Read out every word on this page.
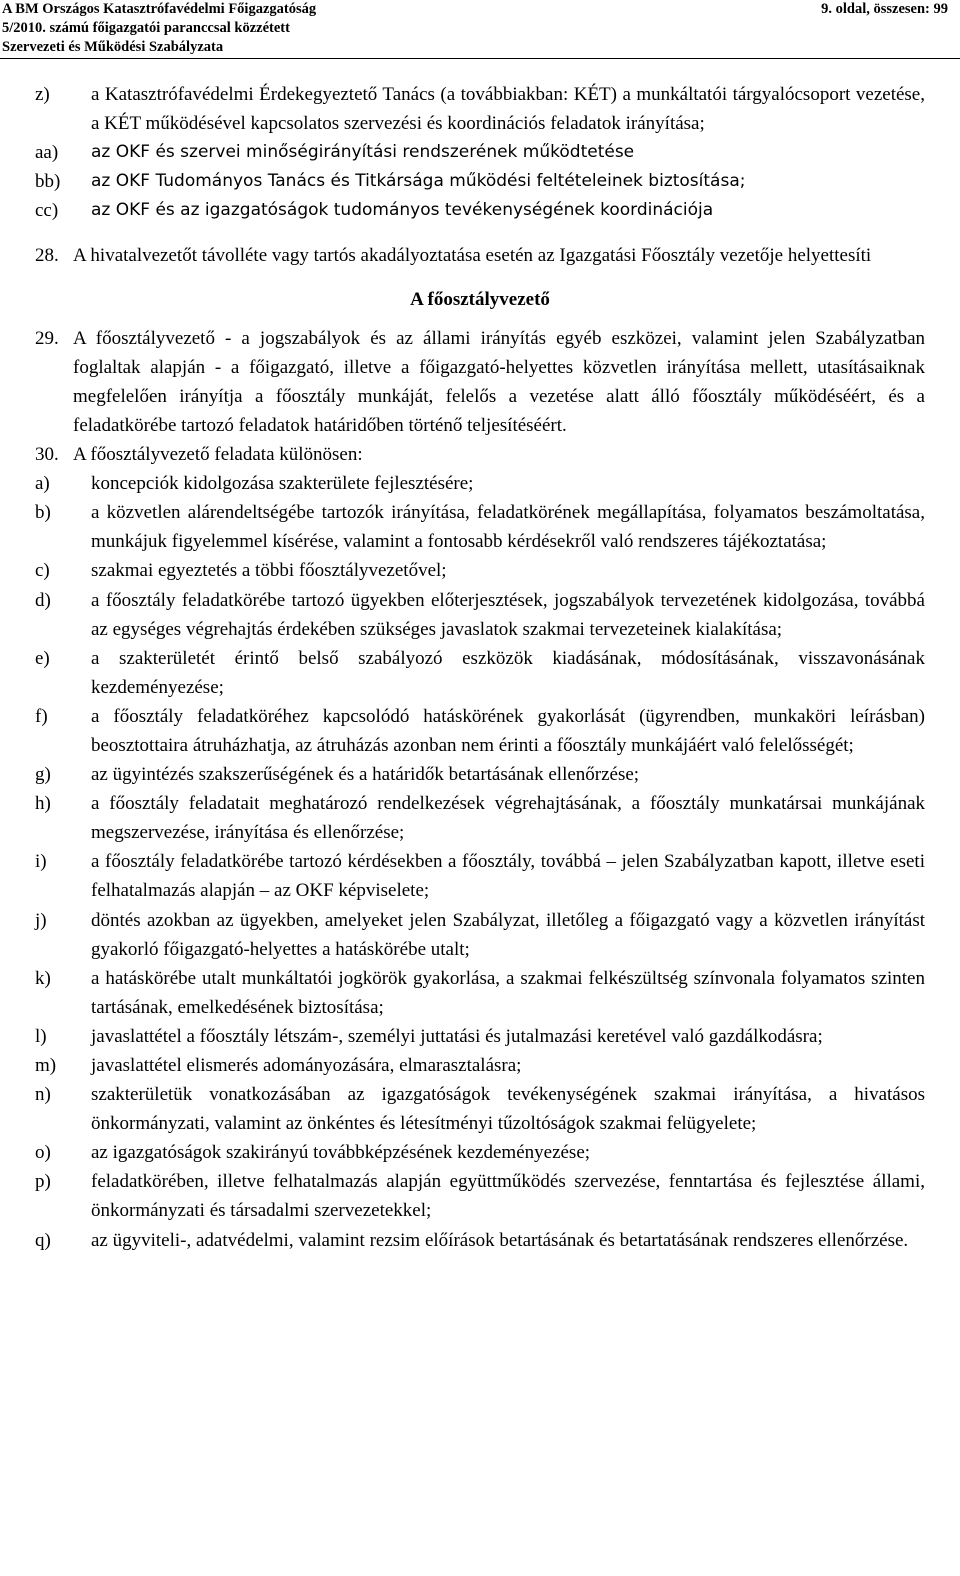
A BM Országos Katasztrófavédelmi Főigazgatóság
5/2010. számú főigazgatói paranccsal közzétett
Szervezeti és Működési Szabályzata
9. oldal, összesen: 99
z) a Katasztrófavédelmi Érdekegyeztető Tanács (a továbbiakban: KÉT) a munkáltatói tárgyalócsoport vezetése, a KÉT működésével kapcsolatos szervezési és koordinációs feladatok irányítása;
aa) az OKF és szervei minőségirányítási rendszerének működtetése
bb) az OKF Tudományos Tanács és Titkársága működési feltételeinek biztosítása;
cc) az OKF és az igazgatóságok tudományos tevékenységének koordinációja
28. A hivatalvezetőt távolléte vagy tartós akadályoztatása esetén az Igazgatási Főosztály vezetője helyettesíti
A főosztályvezető
29. A főosztályvezető - a jogszabályok és az állami irányítás egyéb eszközei, valamint jelen Szabályzatban foglaltak alapján - a főigazgató, illetve a főigazgató-helyettes közvetlen irányítása mellett, utasításaiknak megfelelően irányítja a főosztály munkáját, felelős a vezetése alatt álló főosztály működéséért, és a feladatkörébe tartozó feladatok határidőben történő teljesítéséért.
30. A főosztályvezető feladata különösen:
a) koncepciók kidolgozása szakterülete fejlesztésére;
b) a közvetlen alárendeltségébe tartozók irányítása, feladatkörének megállapítása, folyamatos beszámoltatása, munkájuk figyelemmel kísérése, valamint a fontosabb kérdésekről való rendszeres tájékoztatása;
c) szakmai egyeztetés a többi főosztályvezetővel;
d) a főosztály feladatkörébe tartozó ügyekben előterjesztések, jogszabályok tervezetének kidolgozása, továbbá az egységes végrehajtás érdekében szükséges javaslatok szakmai tervezeteinek kialakítása;
e) a szakterületét érintő belső szabályozó eszközök kiadásának, módosításának, visszavonásának kezdeményezése;
f) a főosztály feladatköréhez kapcsolódó hatáskörének gyakorlását (ügyrendben, munkaköri leírásban) beosztottaira átruházhatja, az átruházás azonban nem érinti a főosztály munkájáért való felelősségét;
g) az ügyintézés szakszerűségének és a határidők betartásának ellenőrzése;
h) a főosztály feladatait meghatározó rendelkezések végrehajtásának, a főosztály munkatársai munkájának megszervezése, irányítása és ellenőrzése;
i) a főosztály feladatkörébe tartozó kérdésekben a főosztály, továbbá – jelen Szabályzatban kapott, illetve eseti felhatalmazás alapján – az OKF képviselete;
j) döntés azokban az ügyekben, amelyeket jelen Szabályzat, illetőleg a főigazgató vagy a közvetlen irányítást gyakorló főigazgató-helyettes a hatáskörébe utalt;
k) a hatáskörébe utalt munkáltatói jogkörök gyakorlása, a szakmai felkészültség színvonala folyamatos szinten tartásának, emelkedésének biztosítása;
l) javaslattétel a főosztály létszám-, személyi juttatási és jutalmazási keretével való gazdálkodásra;
m) javaslattétel elismerés adományozására, elmarasztalásra;
n) szakterületük vonatkozásában az igazgatóságok tevékenységének szakmai irányítása, a hivatásos önkormányzati, valamint az önkéntes és létesítményi tűzoltóságok szakmai felügyelete;
o) az igazgatóságok szakirányú továbbképzésének kezdeményezése;
p) feladatkörében, illetve felhatalmazás alapján együttműködés szervezése, fenntartása és fejlesztése állami, önkormányzati és társadalmi szervezetekkel;
q) az ügyviteli-, adatvédelmi, valamint rezsim előírások betartásának és betartatásának rendszeres ellenőrzése.
